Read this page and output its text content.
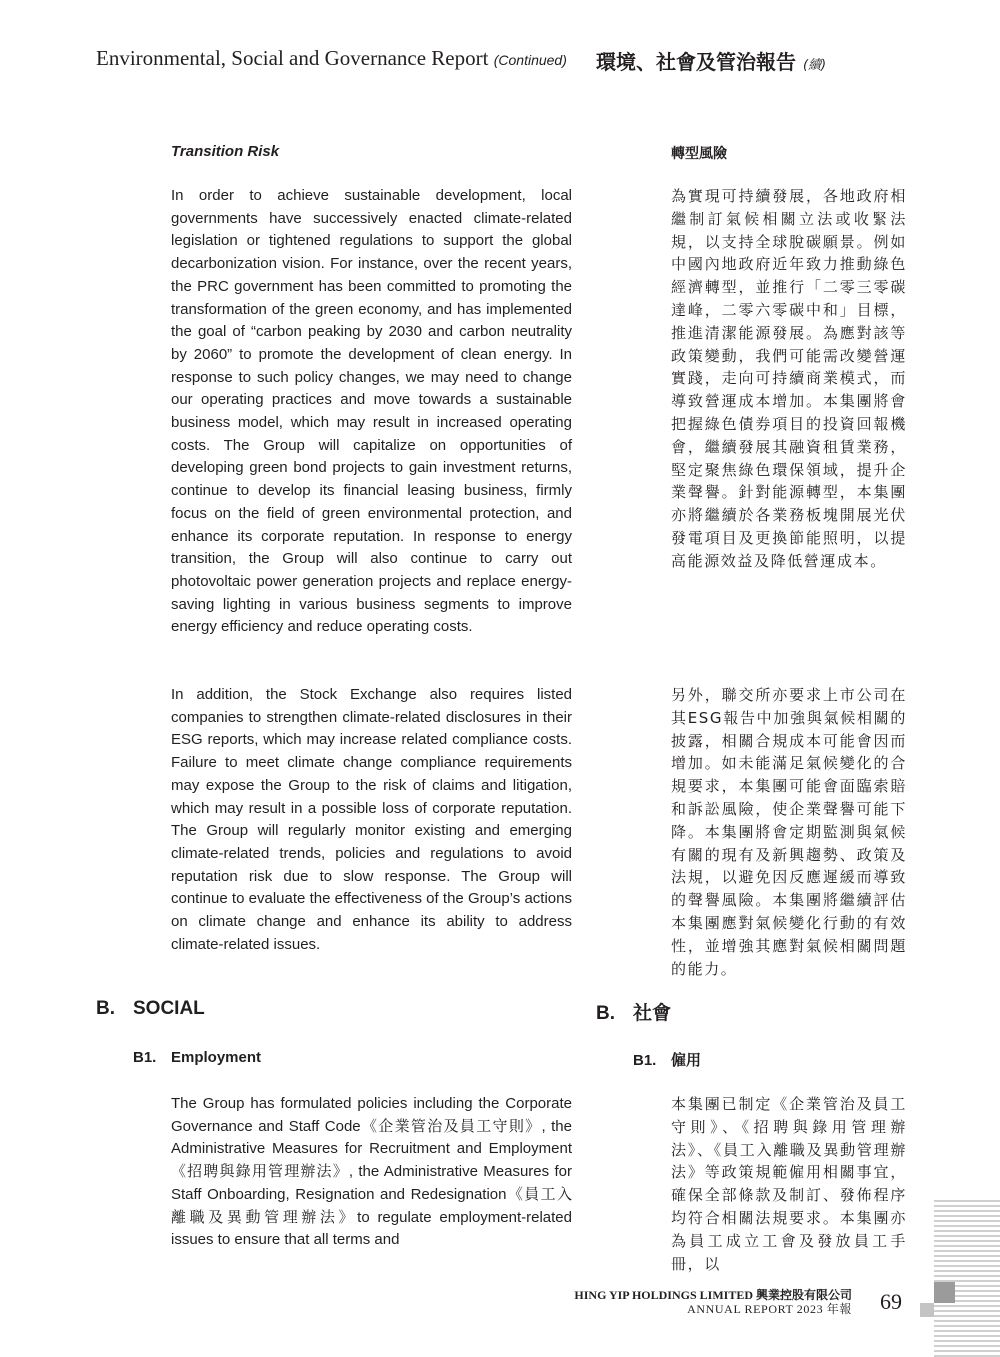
Environmental, Social and Governance Report (Continued) 環境、社會及管治報告 (續)
Transition Risk	轉型風險

In order to achieve sustainable development, local governments have successively enacted climate-related legislation or tightened regulations to support the global decarbonization vision. For instance, over the recent years, the PRC government has been committed to promoting the transformation of the green economy, and has implemented the goal of “carbon peaking by 2030 and carbon neutrality by 2060” to promote the development of clean energy. In response to such policy changes, we may need to change our operating practices and move towards a sustainable business model, which may result in increased operating costs. The Group will capitalize on opportunities of developing green bond projects to gain investment returns, continue to develop its financial leasing business, firmly focus on the field of green environmental protection, and enhance its corporate reputation. In response to energy transition, the Group will also continue to carry out photovoltaic power generation projects and replace energy-saving lighting in various business segments to improve energy efficiency and reduce operating costs.

為實現可持續發展，各地政府相繼制訂氣候相關立法或收緊法規，以支持全球脫碳願景。例如中國內地政府近年致力推動綠色經濟轉型，並推行「二零三零碳達峰，二零六零碳中和」目標，推進清潔能源發展。為應對該等政策變動，我們可能需改變營運實踐，走向可持續商業模式，而導致營運成本增加。本集團將會把握綠色債券項目的投資回報機會，繼續發展其融資租賃業務，堅定聚焦綠色環保領域，提升企業聲譽。針對能源轉型，本集團亦將繼續於各業務板塊開展光伏發電項目及更換節能照明，以提高能源效益及降低營運成本。

In addition, the Stock Exchange also requires listed companies to strengthen climate-related disclosures in their ESG reports, which may increase related compliance costs. Failure to meet climate change compliance requirements may expose the Group to the risk of claims and litigation, which may result in a possible loss of corporate reputation. The Group will regularly monitor existing and emerging climate-related trends, policies and regulations to avoid reputation risk due to slow response. The Group will continue to evaluate the effectiveness of the Group’s actions on climate change and enhance its ability to address climate-related issues.

另外，聯交所亦要求上市公司在其ESG報告中加強與氣候相關的披露，相關合規成本可能會因而增加。如未能滿足氣候變化的合規要求，本集團可能會面臨索賠和訴訟風險，使企業聲譽可能下降。本集團將會定期監測與氣候有關的現有及新興趨勢、政策及法規，以避免因反應遲緩而導致的聲譽風險。本集團將繼續評估本集團應對氣候變化行動的有效性，並增強其應對氣候相關問題的能力。

B. SOCIAL	B. 社會
B1. Employment	B1. 僱用

The Group has formulated policies including the Corporate Governance and Staff Code《企業管治及員工守則》, the Administrative Measures for Recruitment and Employment《招聘與錄用管理辦法》, the Administrative Measures for Staff Onboarding, Resignation and Redesignation《員工入離職及異動管理辦法》to regulate employment-related issues to ensure that all terms and

本集團已制定《企業管治及員工守則》、《招聘與錄用管理辦法》、《員工入離職及異動管理辦法》等政策規範僱用相關事宜，確保全部條款及制訂、發佈程序均符合相關法規要求。本集團亦為員工成立工會及發放員工手冊，以

HING YIP HOLDINGS LIMITED 興業控股有限公司
ANNUAL REPORT 2023 年報 69
